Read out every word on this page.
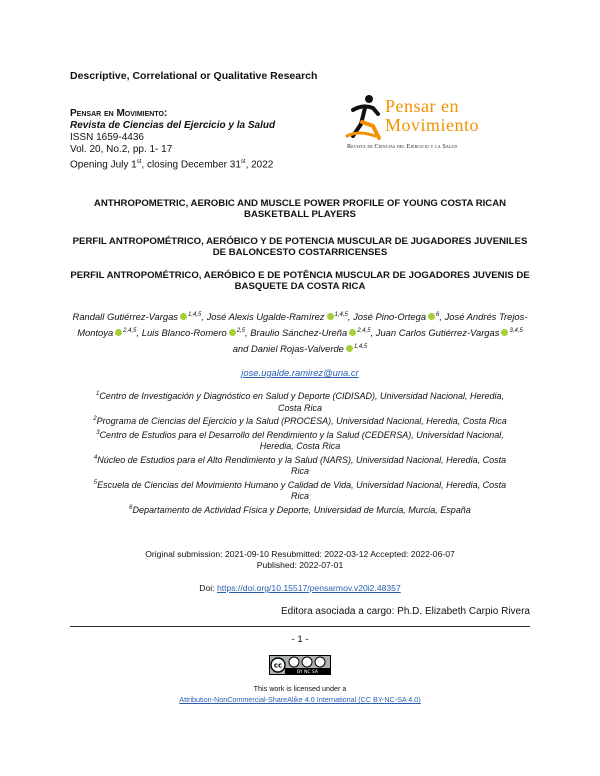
Descriptive, Correlational or Qualitative Research
Pensar en Movimiento:
Revista de Ciencias del Ejercicio y la Salud
ISSN 1659-4436
Vol. 20, No.2, pp. 1- 17
Opening July 1st, closing December 31st, 2022
Pensar en
Movimiento
Revista de Ciencias del Ejercicio y la Salud
ANTHROPOMETRIC, AEROBIC AND MUSCLE POWER PROFILE OF YOUNG COSTA RICAN BASKETBALL PLAYERS
PERFIL ANTROPOMÉTRICO, AERÓBICO Y DE POTENCIA MUSCULAR DE JUGADORES JUVENILES DE BALONCESTO COSTARRICENSES
PERFIL ANTROPOMÉTRICO, AERÓBICO E DE POTÊNCIA MUSCULAR DE JOGADORES JUVENIS DE BASQUETE DA COSTA RICA
Randall Gutiérrez-Vargas $^{1,4,5}$, José Alexis Ugalde-Ramírez $^{1,4,5}$, José Pino-Ortega $^6$, José Andrés Trejos-Montoya $^{2,4,5}$, Luis Blanco-Romero $^{2,5}$, Braulio Sánchez-Ureña $^{2,4,5}$, Juan Carlos Gutiérrez-Vargas $^{3,4,5}$ and Daniel Rojas-Valverde $^{1,4,5}$
jose.ugalde.ramirez@una.cr
$^1$Centro de Investigación y Diagnóstico en Salud y Deporte (CIDISAD), Universidad Nacional, Heredia, Costa Rica
$^2$Programa de Ciencias del Ejercicio y la Salud (PROCESA), Universidad Nacional, Heredia, Costa Rica
$^3$Centro de Estudios para el Desarrollo del Rendimiento y la Salud (CEDERSA), Universidad Nacional, Heredia, Costa Rica
$^4$Núcleo de Estudios para el Alto Rendimiento y la Salud (NARS), Universidad Nacional, Heredia, Costa Rica
$^5$Escuela de Ciencias del Movimiento Humano y Calidad de Vida, Universidad Nacional, Heredia, Costa Rica
$^6$Departamento de Actividad Física y Deporte, Universidad de Murcia, Murcia, España
Original submission: 2021-09-10 Resubmitted: 2022-03-12 Accepted: 2022-06-07
Published: 2022-07-01
Doi: https://doi.org/10.15517/pensarmov.v20i2.48357
Editora asociada a cargo: Ph.D. Elizabeth Carpio Rivera
- 1 -
cc
BY NC SA
This work is licensed under a
Attribution-NonCommercial-ShareAlike 4.0 International (CC BY-NC-SA 4.0)
